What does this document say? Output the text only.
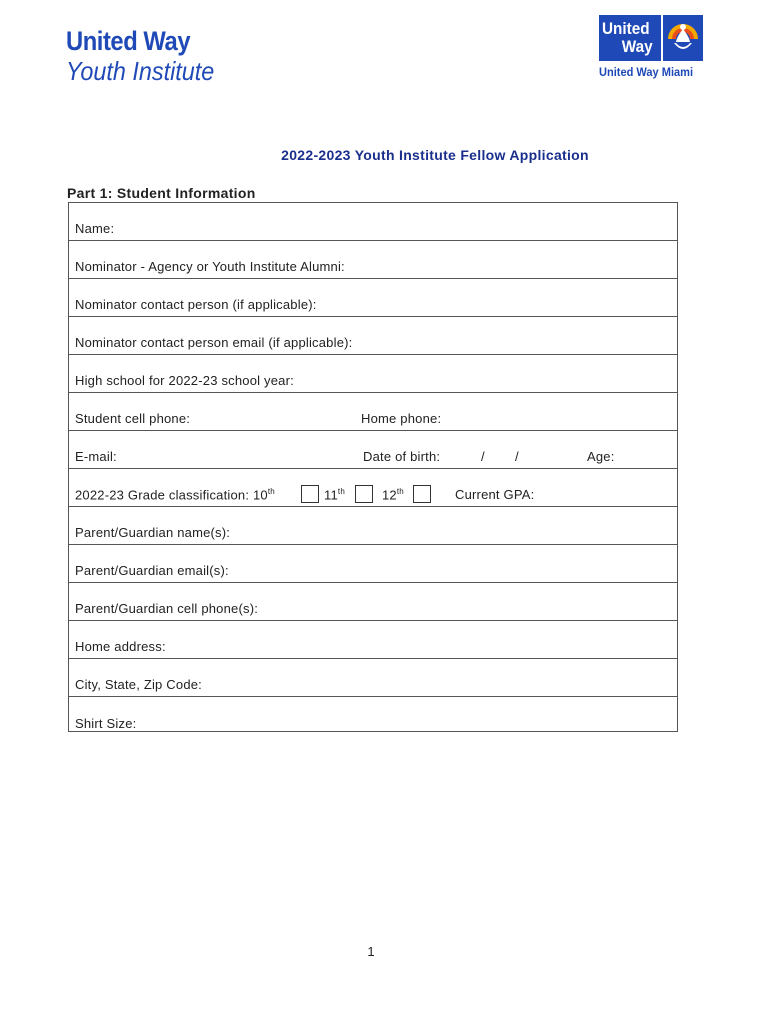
United Way
Youth Institute
United
Way
United Way Miami
2022-2023 Youth Institute Fellow Application
Part 1: Student Information
Name:
Nominator - Agency or Youth Institute Alumni:
Nominator contact person (if applicable):
Nominator contact person email (if applicable):
High school for 2022-23 school year:
Student cell phone:	Home phone:
E-mail:	Date of birth:	/ /	Age:
2022-23 Grade classification: 10th	11th	12th	Current GPA:
Parent/Guardian name(s):
Parent/Guardian email(s):
Parent/Guardian cell phone(s):
Home address:
City, State, Zip Code:
Shirt Size:
1
